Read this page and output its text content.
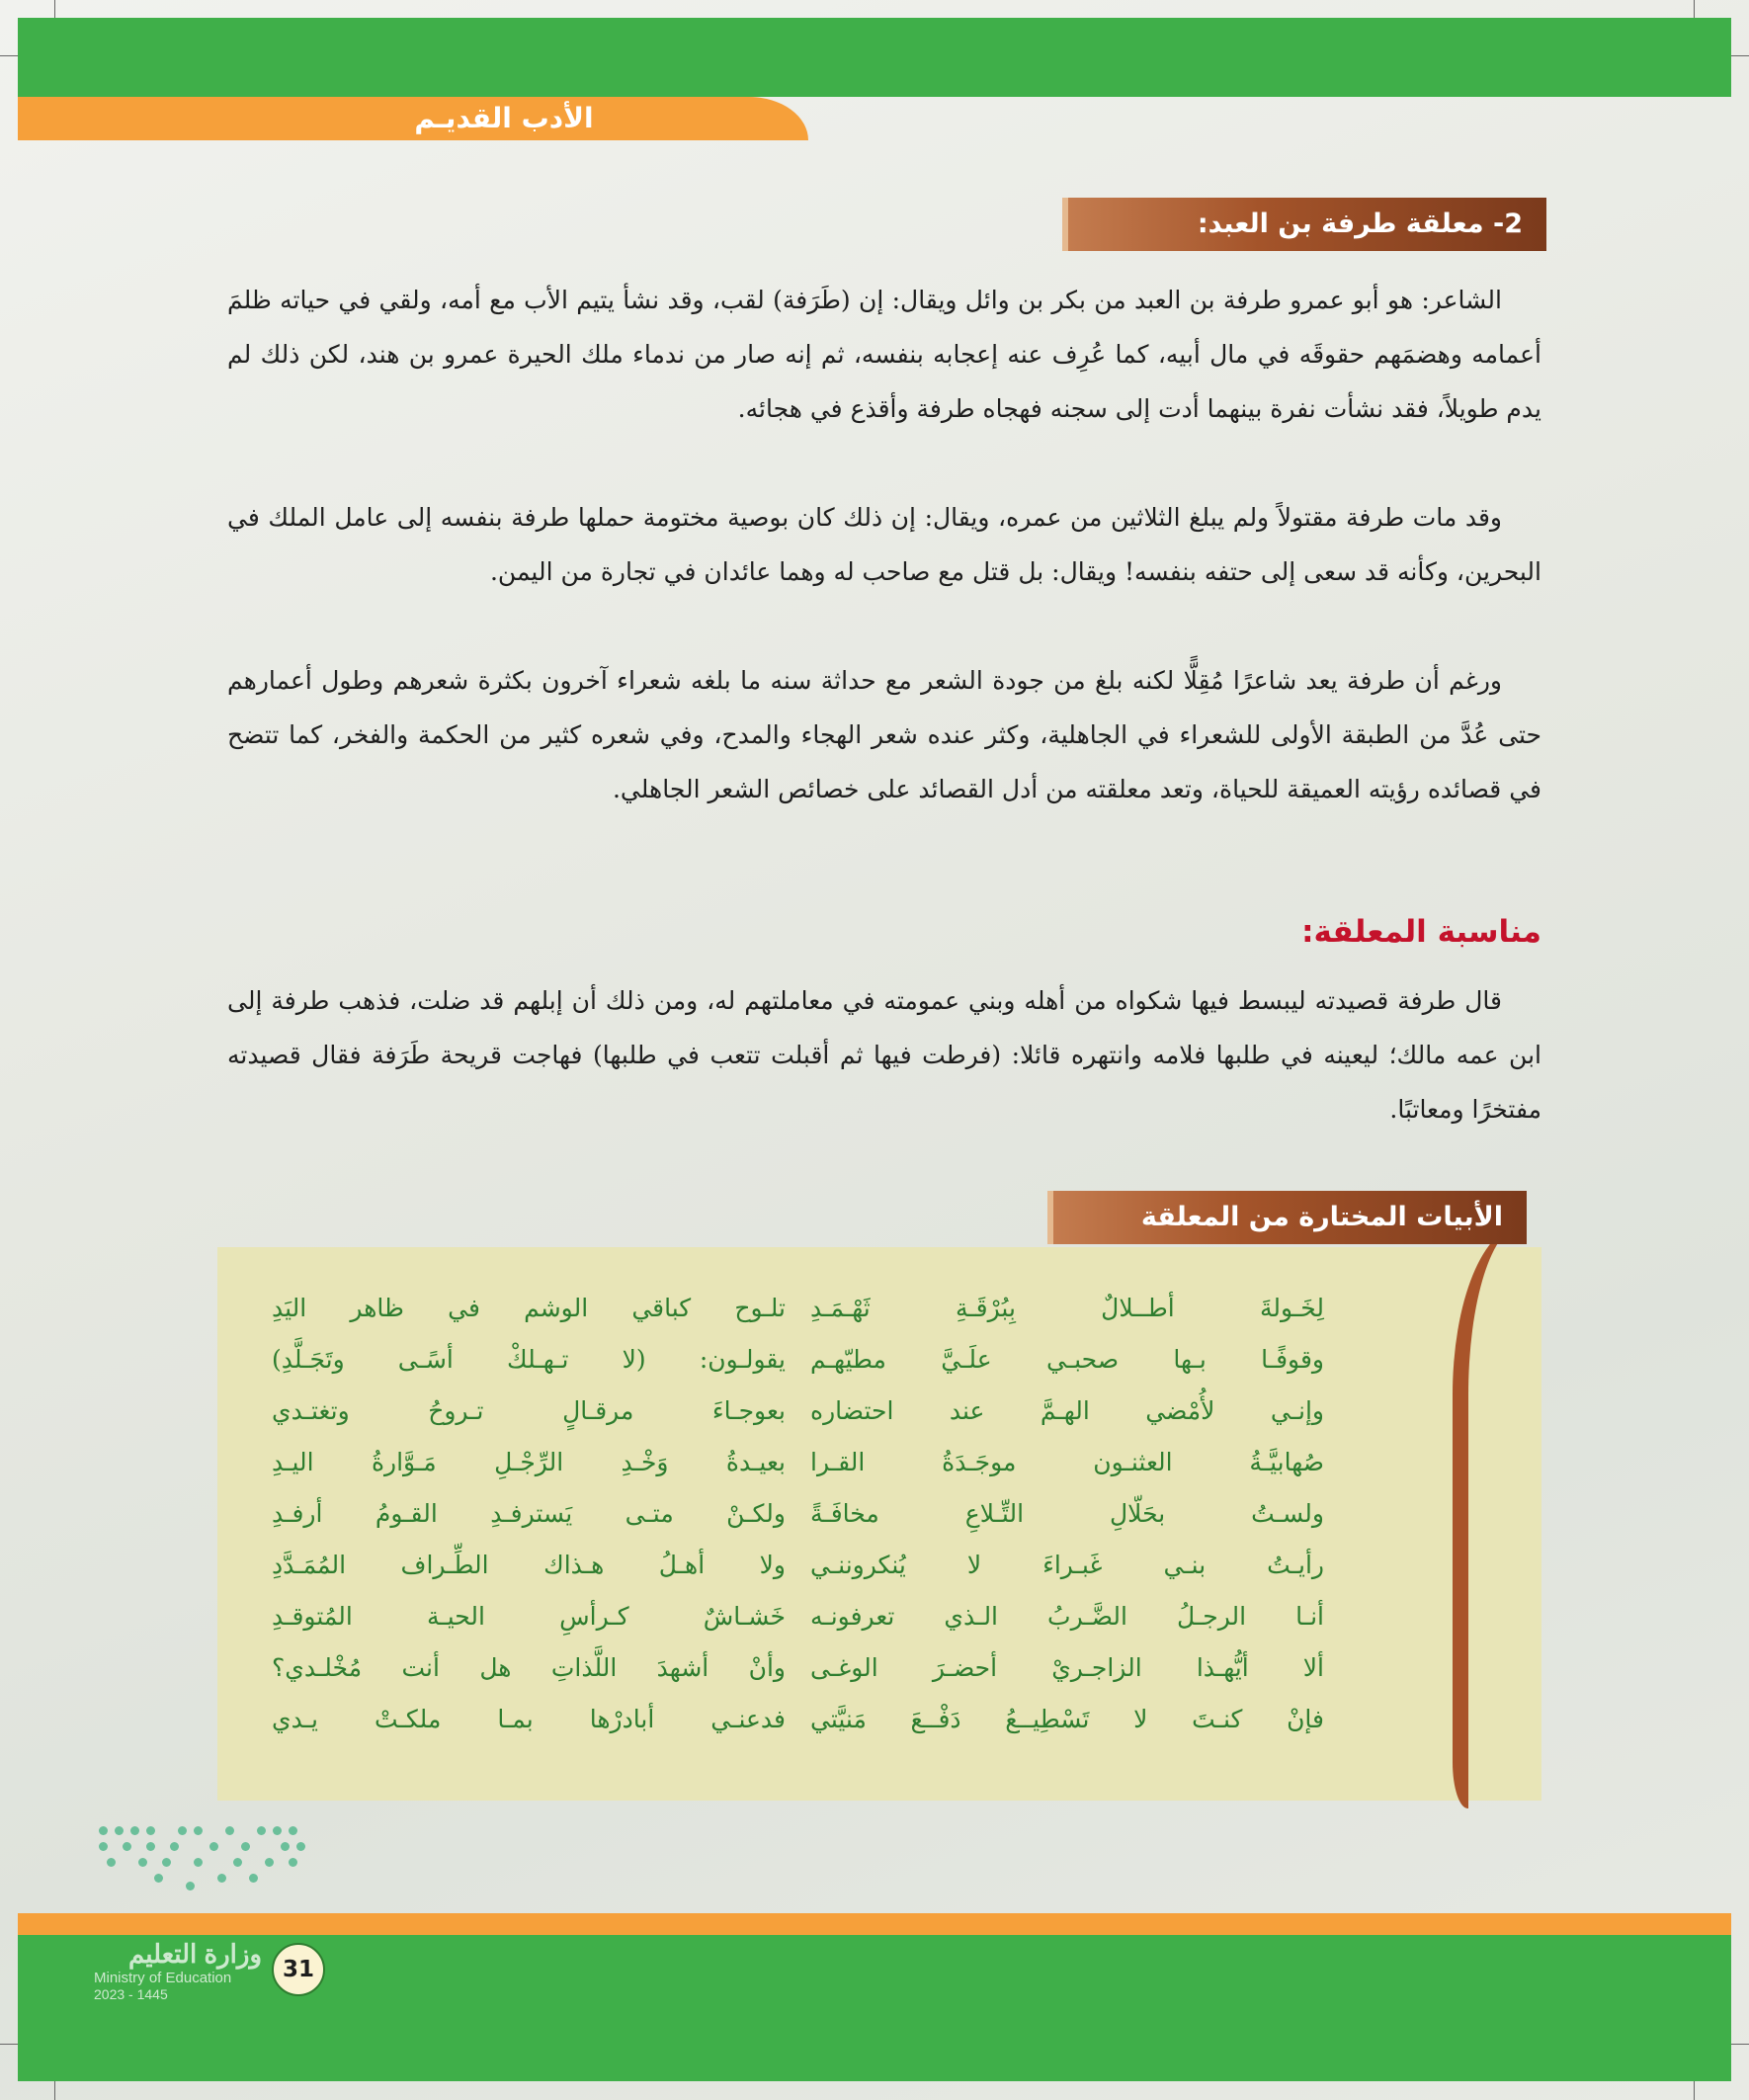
الأدب القديـم
2- معلقة طرفة بن العبد:
الشاعر: هو أبو عمرو طرفة بن العبد من بكر بن وائل ويقال: إن (طَرَفة) لقب، وقد نشأ يتيم الأب مع أمه، ولقي في حياته ظلمَ أعمامه وهضمَهم حقوقَه في مال أبيه، كما عُرِف عنه إعجابه بنفسه، ثم إنه صار من ندماء ملك الحيرة عمرو بن هند، لكن ذلك لم يدم طويلاً، فقد نشأت نفرة بينهما أدت إلى سجنه فهجاه طرفة وأقذع في هجائه.
وقد مات طرفة مقتولاً ولم يبلغ الثلاثين من عمره، ويقال: إن ذلك كان بوصية مختومة حملها طرفة بنفسه إلى عامل الملك في البحرين، وكأنه قد سعى إلى حتفه بنفسه! ويقال: بل قتل مع صاحب له وهما عائدان في تجارة من اليمن.
ورغم أن طرفة يعد شاعرًا مُقِلًّا لكنه بلغ من جودة الشعر مع حداثة سنه ما بلغه شعراء آخرون بكثرة شعرهم وطول أعمارهم حتى عُدَّ من الطبقة الأولى للشعراء في الجاهلية، وكثر عنده شعر الهجاء والمدح، وفي شعره كثير من الحكمة والفخر، كما تتضح في قصائده رؤيته العميقة للحياة، وتعد معلقته من أدل القصائد على خصائص الشعر الجاهلي.
مناسبة المعلقة:
قال طرفة قصيدته ليبسط فيها شكواه من أهله وبني عمومته في معاملتهم له، ومن ذلك أن إبلهم قد ضلت، فذهب طرفة إلى ابن عمه مالك؛ ليعينه في طلبها فلامه وانتهره قائلا: (فرطت فيها ثم أقبلت تتعب في طلبها) فهاجت قريحة طَرَفة فقال قصيدته مفتخرًا ومعاتبًا.
الأبيات المختارة من المعلقة
لِخَـولةَ أطــلالٌ بِبُرْقَـةِ ثَهْـمَـدِ
وقوفًـا بـها صحبـي علَـيَّ مطيّهـم
وإنـي لأُمْضي الهـمَّ عند احتضاره
صُهابيَّـةُ العثنـون موجَـدَةُ القـرا
ولسـتُ بحَلّالِ التِّـلاعِ مخافَـةً
رأيـتُ بنـي غَبـراءَ لا يُنكروننـي
أنـا الرجـلُ الضَّـربُ الـذي تعرفونـه
ألا أيُّهـذا الزاجـريْ أحضـرَ الوغـى
فإنْ كنـتَ لا تَسْطِيــعُ دَفْــعَ مَنيَّتي
تلـوح كباقي الوشم في ظاهر اليَدِ
يقولـون: (لا تـهـلكْ أسًـى وتَجَـلَّدِ)
بعوجـاءَ مرقـالٍ تـروحُ وتغتـدي
بعيـدةُ وَخْـدِ الرِّجْـلِ مَـوَّارةُ اليـدِ
ولكـنْ متـى يَسترفـدِ القـومُ أرفـدِ
ولا أهـلُ هـذاك الطِّـراف المُمَـدَّدِ
خَشـاشٌ كـرأسِ الحيـة المُتوقـدِ
وأنْ أشهدَ اللَّذاتِ هل أنت مُخْلـدي؟
فدعنـي أبادرْها بمـا ملكـتْ يـدي
وزارة التعليم
Ministry of Education
2023 - 1445
31
